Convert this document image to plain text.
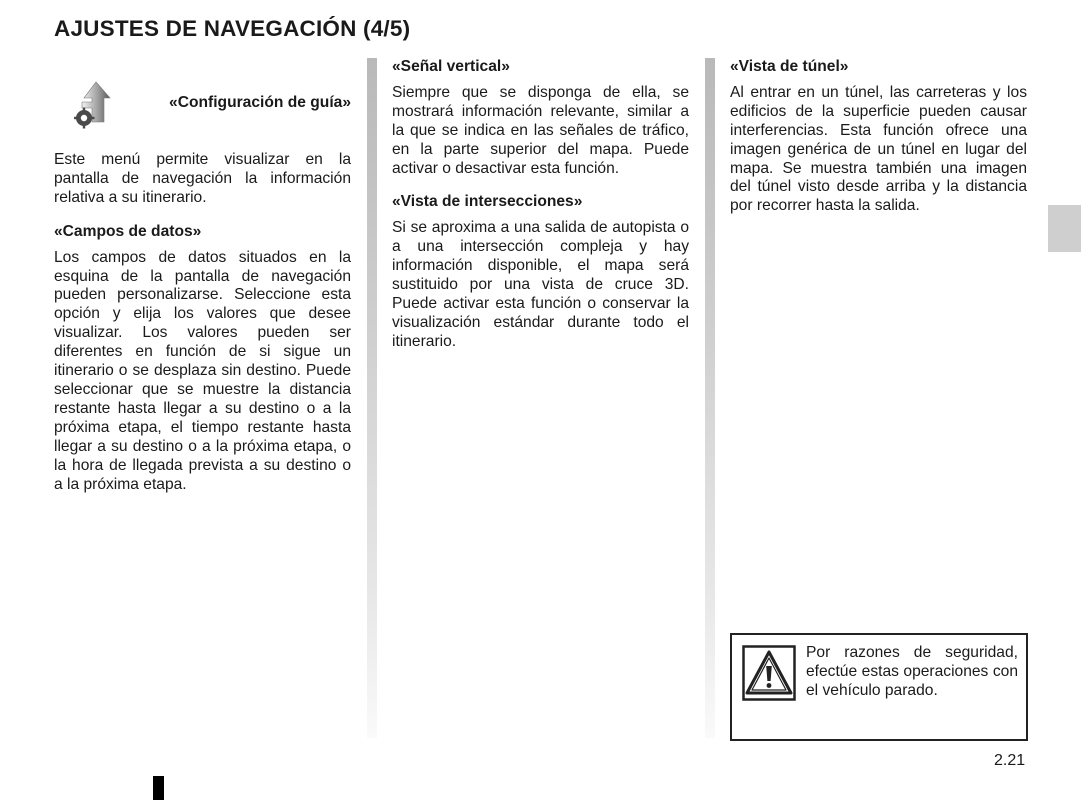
AJUSTES DE NAVEGACIÓN (4/5)

«Configuración de guía»

Este menú permite visualizar en la pantalla de navegación la información relativa a su itinerario.

«Campos de datos»

Los campos de datos situados en la esquina de la pantalla de navegación pueden personalizarse. Seleccione esta opción y elija los valores que desee visualizar. Los valores pueden ser diferentes en función de si sigue un itinerario o se desplaza sin destino. Puede seleccionar que se muestre la distancia restante hasta llegar a su destino o a la próxima etapa, el tiempo restante hasta llegar a su destino o a la próxima etapa, o la hora de llegada prevista a su destino o a la próxima etapa.

«Señal vertical»

Siempre que se disponga de ella, se mostrará información relevante, similar a la que se indica en las señales de tráfico, en la parte superior del mapa. Puede activar o desactivar esta función.

«Vista de intersecciones»

Si se aproxima a una salida de autopista o a una intersección compleja y hay información disponible, el mapa será sustituido por una vista de cruce 3D. Puede activar esta función o conservar la visualización estándar durante todo el itinerario.

«Vista de túnel»

Al entrar en un túnel, las carreteras y los edificios de la superficie pueden causar interferencias. Esta función ofrece una imagen genérica de un túnel en lugar del mapa. Se muestra también una imagen del túnel visto desde arriba y la distancia por recorrer hasta la salida.

Por razones de seguridad, efectúe estas operaciones con el vehículo parado.
2.21
